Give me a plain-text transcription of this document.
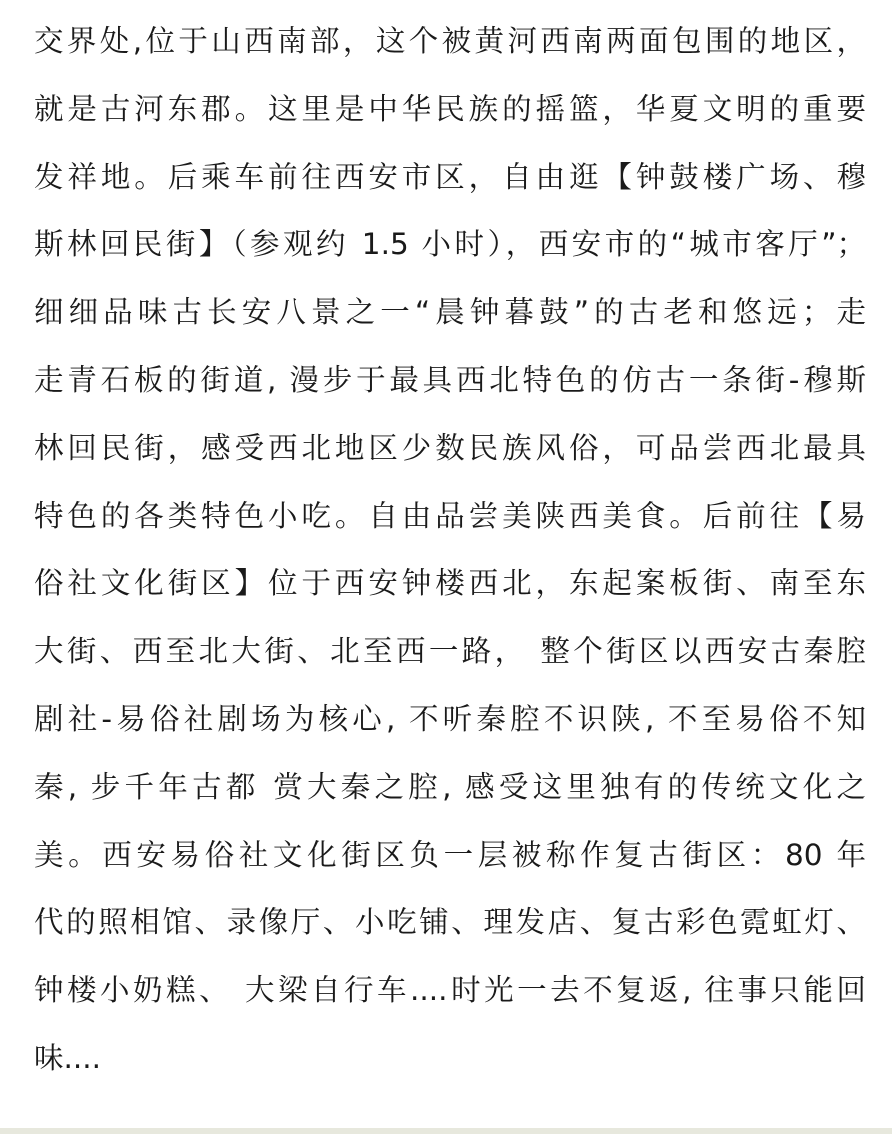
交界处,位于山西南部，这个被黄河西南两面包围的地区，
就是古河东郡。这里是中华民族的摇篮，华夏文明的重要
发祥地。后乘车前往西安市区，自由逛【钟鼓楼广场、穆
斯林回民街】（参观约 1.5 小时），西安市的“城市客厅”；
细细品味古长安八景之一“晨钟暮鼓”的古老和悠远；走
走青石板的街道, 漫步于最具西北特色的仿古一条街-穆斯
林回民街，感受西北地区少数民族风俗，可品尝西北最具
特色的各类特色小吃。自由品尝美陕西美食。后前往【易
俗社文化街区】位于西安钟楼西北，东起案板街、南至东
大街、西至北大街、北至西一路， 整个街区以西安古秦腔
剧社-易俗社剧场为核心, 不听秦腔不识陕, 不至易俗不知
秦, 步千年古都 赏大秦之腔, 感受这里独有的传统文化之
美。西安易俗社文化街区负一层被称作复古街区：80 年
代的照相馆、录像厅、小吃铺、理发店、复古彩色霓虹灯、
钟楼小奶糕、 大梁自行车....时光一去不复返, 往事只能回
味....
